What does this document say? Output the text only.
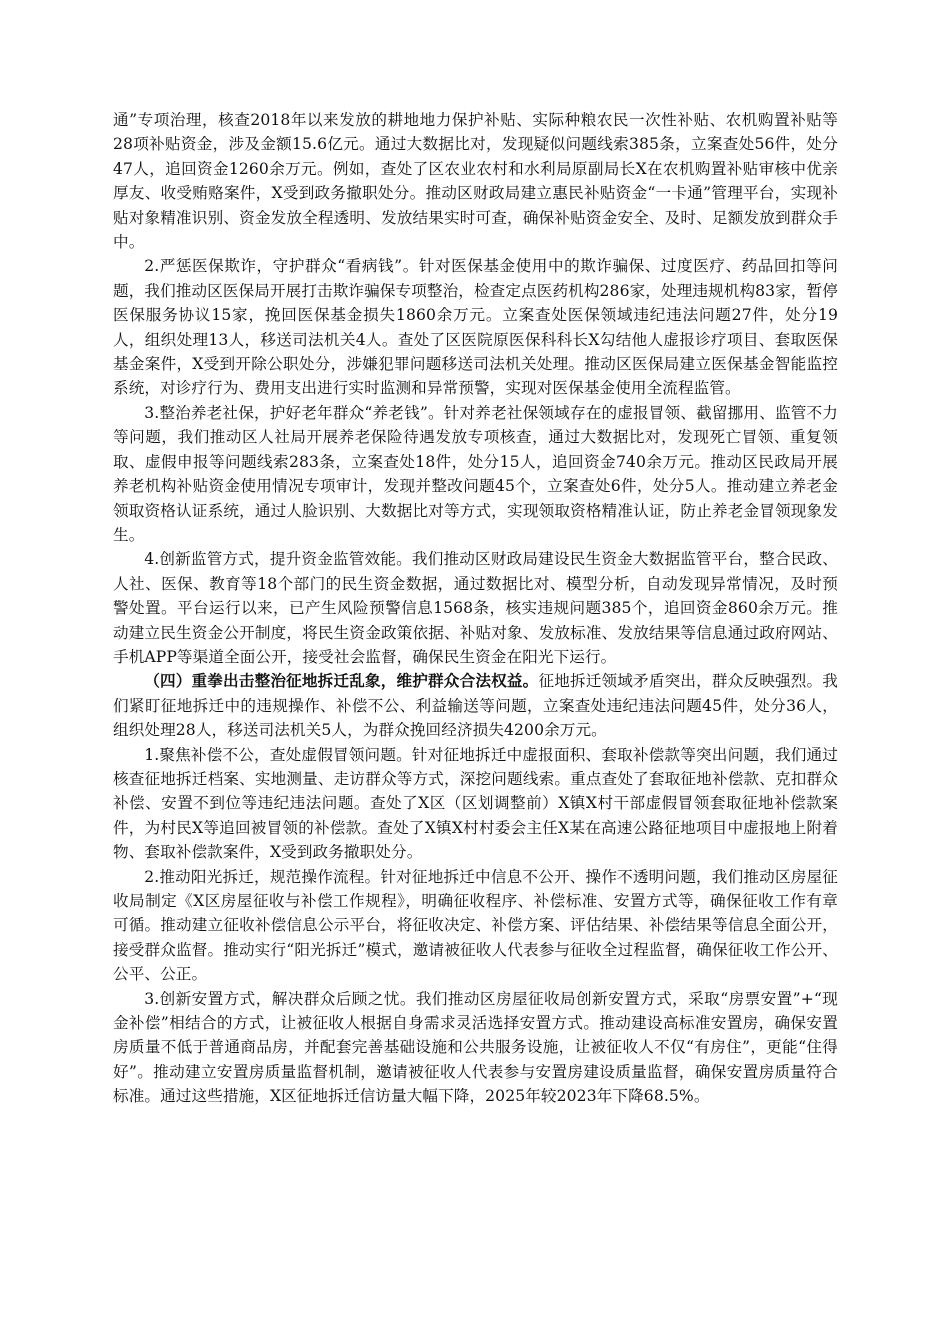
通”专项治理，核查2018年以来发放的耕地地力保护补贴、实际种粮农民一次性补贴、农机购置补贴等28项补贴资金，涉及金额15.6亿元。通过大数据比对，发现疑似问题线索385条，立案查处56件，处分47人，追回资金1260余万元。例如，查处了区农业农村和水利局原副局长X在农机购置补贴审核中优亲厚友、收受贿赂案件，X受到政务撤职处分。推动区财政局建立惠民补贴资金“一卡通”管理平台，实现补贴对象精准识别、资金发放全程透明、发放结果实时可查，确保补贴资金安全、及时、足额发放到群众手中。

2.严惩医保欺诈，守护群众“看病钱”。针对医保基金使用中的欺诈骗保、过度医疗、药品回扣等问题，我们推动区医保局开展打击欺诈骗保专项整治，检查定点医药机构286家，处理违规机构83家，暂停医保服务协议15家，挽回医保基金损失1860余万元。立案查处医保领域违纪违法问题27件，处分19人，组织处理13人，移送司法机关4人。查处了区医院原医保科科长X勾结他人虚报诊疗项目、套取医保基金案件，X受到开除公职处分，涉嫌犯罪问题移送司法机关处理。推动区医保局建立医保基金智能监控系统，对诊疗行为、费用支出进行实时监测和异常预警，实现对医保基金使用全流程监管。

3.整治养老社保，护好老年群众“养老钱”。针对养老社保领域存在的虚报冒领、截留挪用、监管不力等问题，我们推动区人社局开展养老保险待遇发放专项核查，通过大数据比对，发现死亡冒领、重复领取、虚假申报等问题线索283条，立案查处18件，处分15人，追回资金740余万元。推动区民政局开展养老机构补贴资金使用情况专项审计，发现并整改问题45个，立案查处6件，处分5人。推动建立养老金领取资格认证系统，通过人脸识别、大数据比对等方式，实现领取资格精准认证，防止养老金冒领现象发生。

4.创新监管方式，提升资金监管效能。我们推动区财政局建设民生资金大数据监管平台，整合民政、人社、医保、教育等18个部门的民生资金数据，通过数据比对、模型分析，自动发现异常情况，及时预警处置。平台运行以来，已产生风险预警信息1568条，核实违规问题385个，追回资金860余万元。推动建立民生资金公开制度，将民生资金政策依据、补贴对象、发放标准、发放结果等信息通过政府网站、手机APP等渠道全面公开，接受社会监督，确保民生资金在阳光下运行。

（四）重拳出击整治征地拆迁乱象，维护群众合法权益。征地拆迁领域矛盾突出，群众反映强烈。我们紧盯征地拆迁中的违规操作、补偿不公、利益输送等问题，立案查处违纪违法问题45件，处分36人，组织处理28人，移送司法机关5人，为群众挽回经济损失4200余万元。

1.聚焦补偿不公，查处虚假冒领问题。针对征地拆迁中虚报面积、套取补偿款等突出问题，我们通过核查征地拆迁档案、实地测量、走访群众等方式，深挖问题线索。重点查处了套取征地补偿款、克扣群众补偿、安置不到位等违纪违法问题。查处了X区（区划调整前）X镇X村干部虚假冒领套取征地补偿款案件，为村民X等追回被冒领的补偿款。查处了X镇X村村委会主任X某在高速公路征地项目中虚报地上附着物、套取补偿款案件，X受到政务撤职处分。

2.推动阳光拆迁，规范操作流程。针对征地拆迁中信息不公开、操作不透明问题，我们推动区房屋征收局制定《X区房屋征收与补偿工作规程》，明确征收程序、补偿标准、安置方式等，确保征收工作有章可循。推动建立征收补偿信息公示平台，将征收决定、补偿方案、评估结果、补偿结果等信息全面公开，接受群众监督。推动实行“阳光拆迁”模式，邀请被征收人代表参与征收全过程监督，确保征收工作公开、公平、公正。

3.创新安置方式，解决群众后顾之忧。我们推动区房屋征收局创新安置方式，采取“房票安置”+“现金补偿”相结合的方式，让被征收人根据自身需求灵活选择安置方式。推动建设高标准安置房，确保安置房质量不低于普通商品房，并配套完善基础设施和公共服务设施，让被征收人不仅“有房住”，更能“住得好”。推动建立安置房质量监督机制，邀请被征收人代表参与安置房建设质量监督，确保安置房质量符合标准。通过这些措施，X区征地拆迁信访量大幅下降，2025年较2023年下降68.5%。
